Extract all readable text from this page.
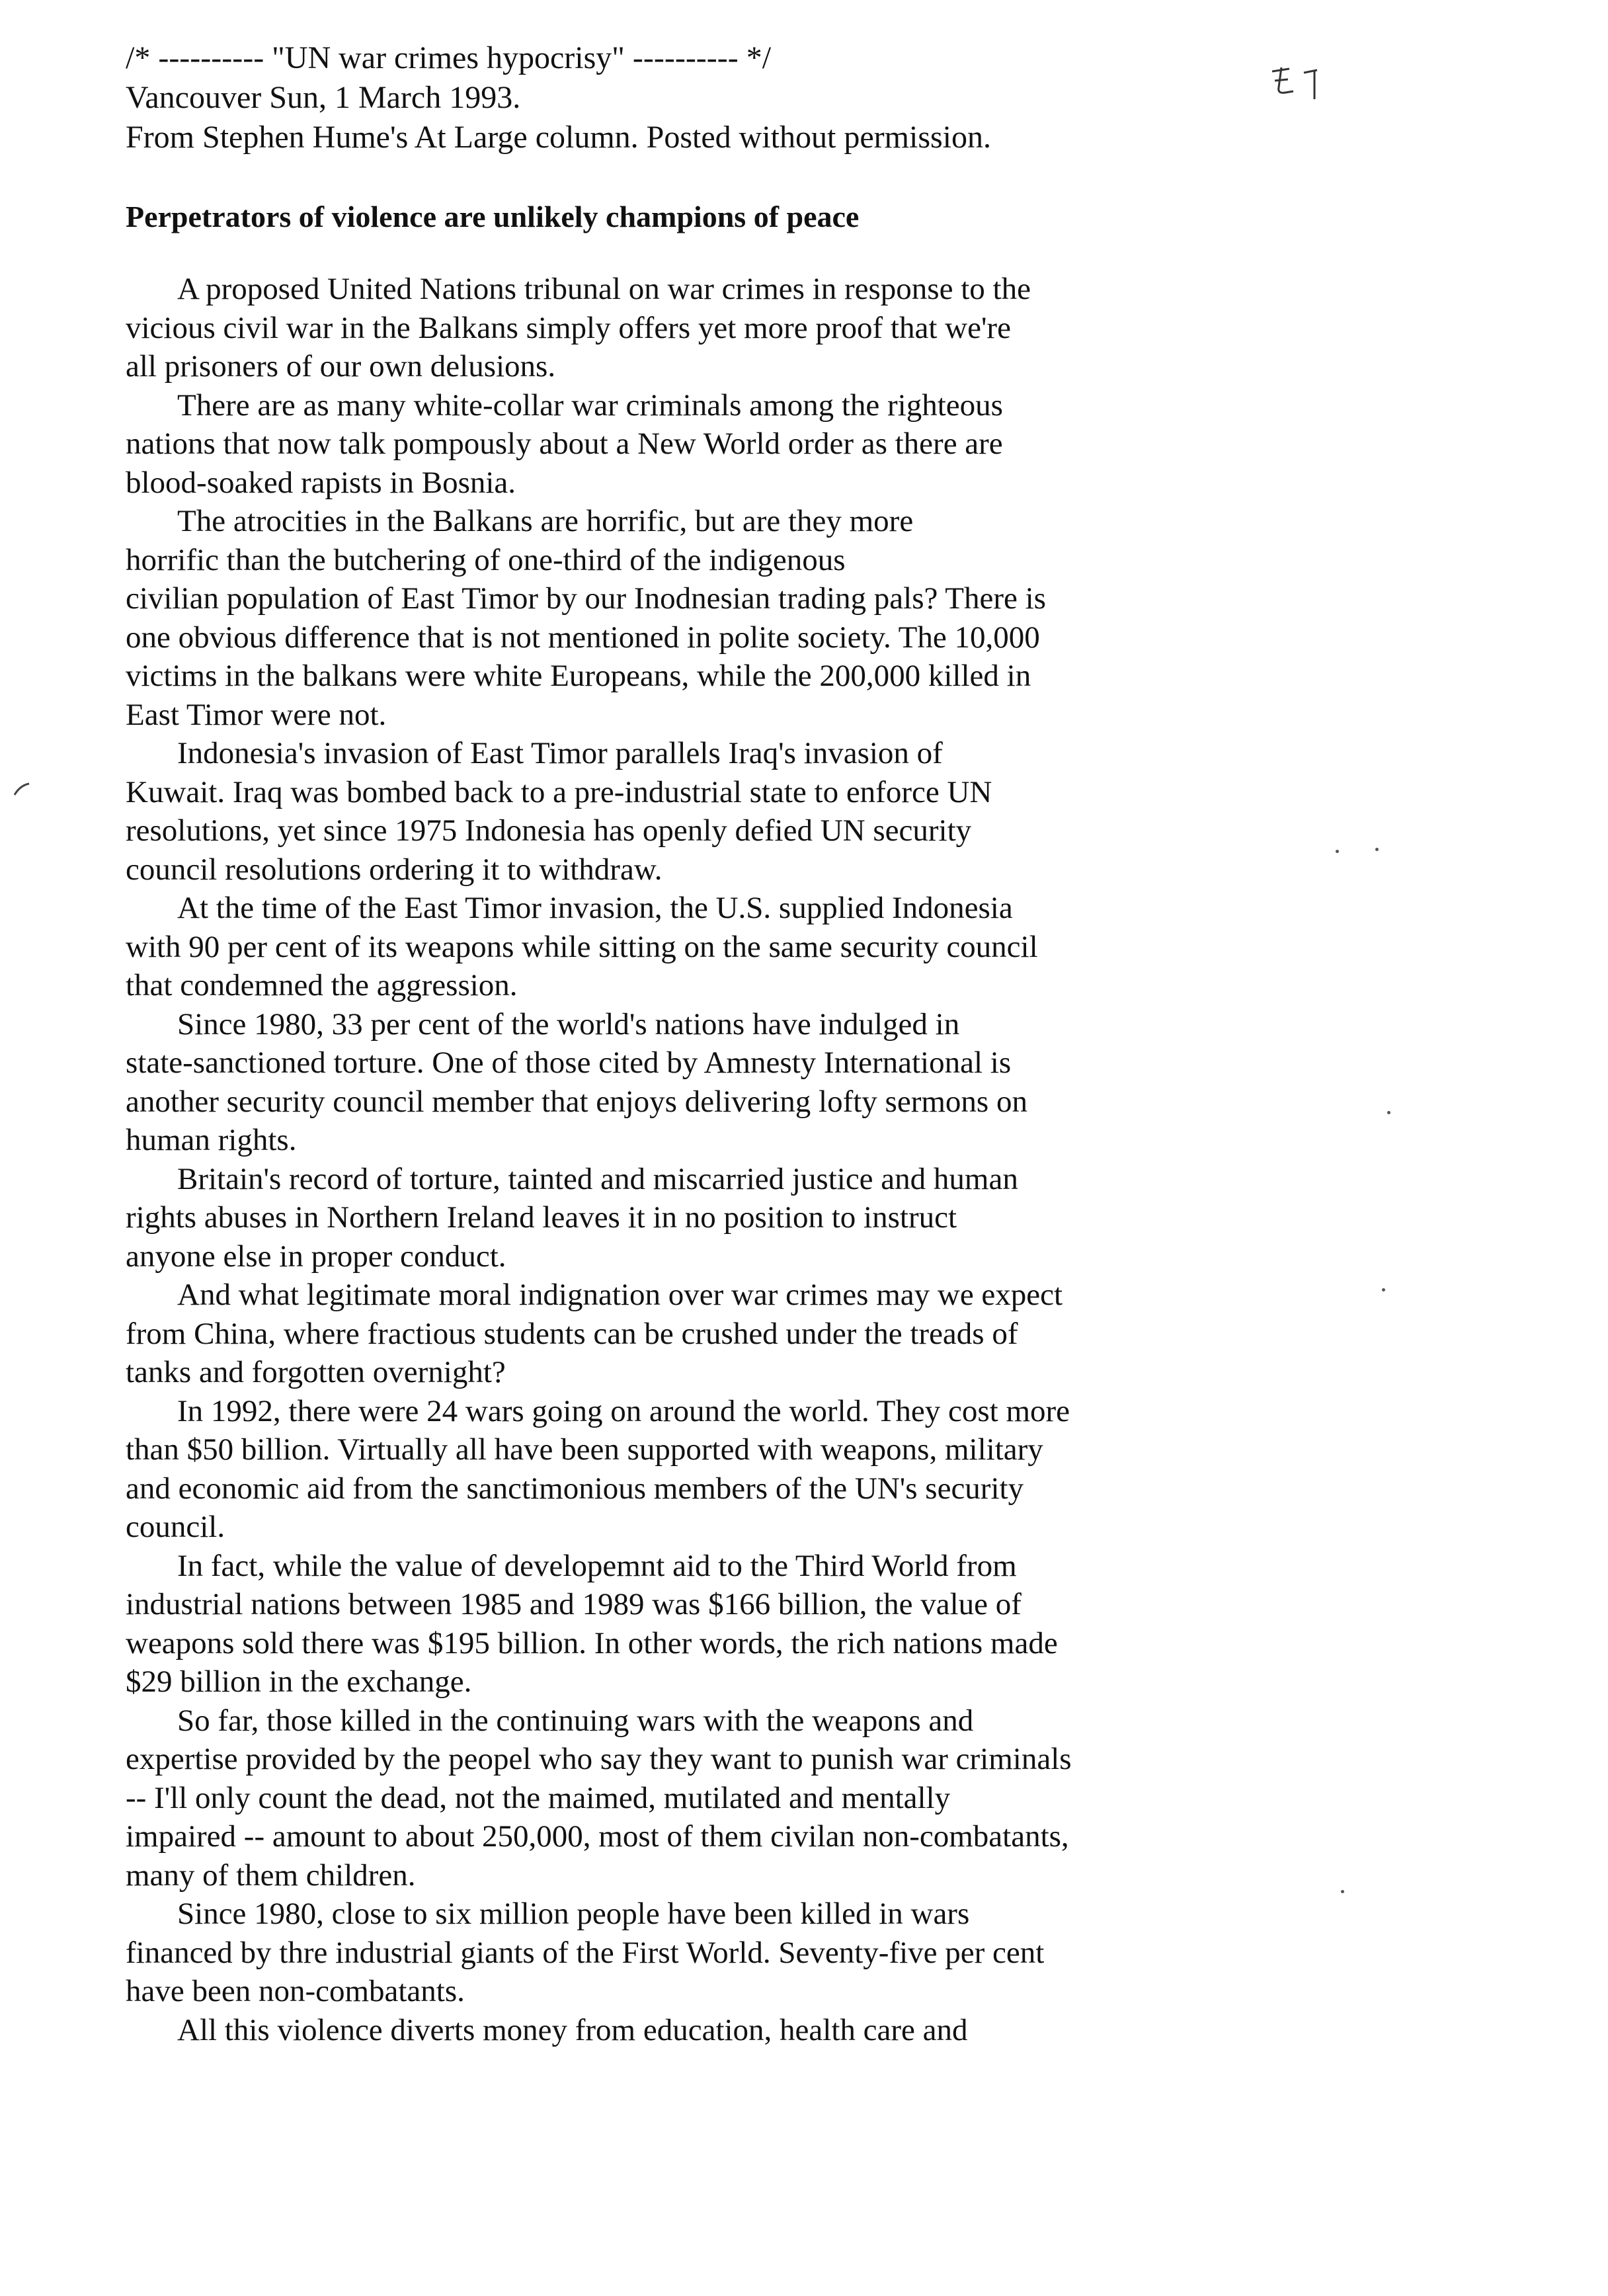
/* ---------- "UN war crimes hypocrisy" ---------- */
Vancouver Sun, 1 March 1993.
From Stephen Hume's At Large column. Posted without permission.
Perpetrators of violence are unlikely champions of peace
A proposed United Nations tribunal on war crimes in response to the
vicious civil war in the Balkans simply offers yet more proof that we're
all prisoners of our own delusions.
There are as many white-collar war criminals among the righteous
nations that now talk pompously about a New World order as there are
blood-soaked rapists in Bosnia.
The atrocities in the Balkans are horrific, but are they more
horrific than the butchering of one-third of the indigenous
civilian population of East Timor by our Inodnesian trading pals? There is
one obvious difference that is not mentioned in polite society. The 10,000
victims in the balkans were white Europeans, while the 200,000 killed in
East Timor were not.
Indonesia's invasion of East Timor parallels Iraq's invasion of
Kuwait. Iraq was bombed back to a pre-industrial state to enforce UN
resolutions, yet since 1975 Indonesia has openly defied UN security
council resolutions ordering it to withdraw.
At the time of the East Timor invasion, the U.S. supplied Indonesia
with 90 per cent of its weapons while sitting on the same security council
that condemned the aggression.
Since 1980, 33 per cent of the world's nations have indulged in
state-sanctioned torture. One of those cited by Amnesty International is
another security council member that enjoys delivering lofty sermons on
human rights.
Britain's record of torture, tainted and miscarried justice and human
rights abuses in Northern Ireland leaves it in no position to instruct
anyone else in proper conduct.
And what legitimate moral indignation over war crimes may we expect
from China, where fractious students can be crushed under the treads of
tanks and forgotten overnight?
In 1992, there were 24 wars going on around the world. They cost more
than $50 billion. Virtually all have been supported with weapons, military
and economic aid from the sanctimonious members of the UN's security
council.
In fact, while the value of developemnt aid to the Third World from
industrial nations between 1985 and 1989 was $166 billion, the value of
weapons sold there was $195 billion. In other words, the rich nations made
$29 billion in the exchange.
So far, those killed in the continuing wars with the weapons and
expertise provided by the peopel who say they want to punish war criminals
-- I'll only count the dead, not the maimed, mutilated and mentally
impaired -- amount to about 250,000, most of them civilan non-combatants,
many of them children.
Since 1980, close to six million people have been killed in wars
financed by thre industrial giants of the First World. Seventy-five per cent
have been non-combatants.
All this violence diverts money from education, health care and
